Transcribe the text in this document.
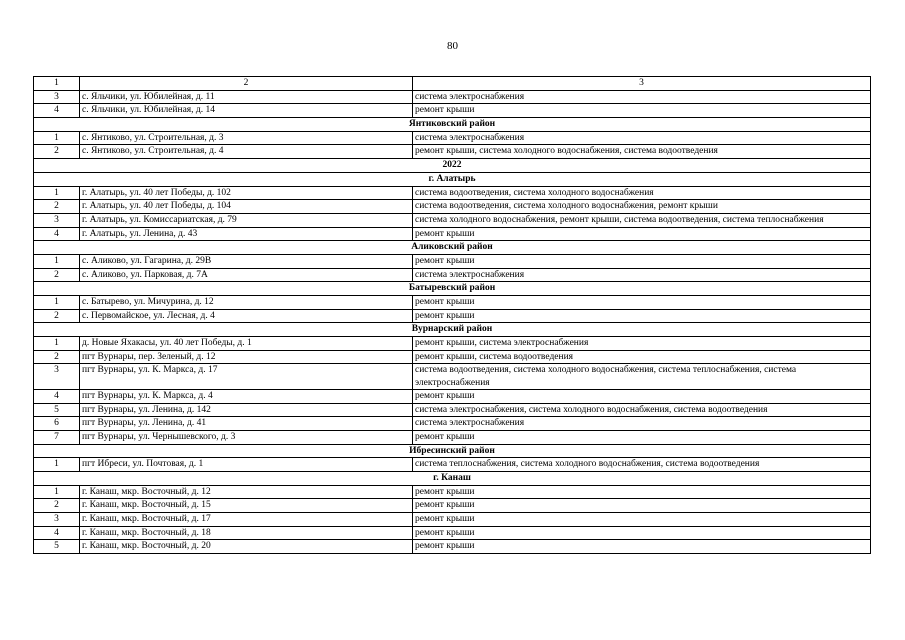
80
1	2	3
3	с. Яльчики, ул. Юбилейная, д. 11	система электроснабжения
4	с. Яльчики, ул. Юбилейная, д. 14	ремонт крыши
Янтиковский район		
1	с. Янтиково, ул. Строительная, д. 3	система электроснабжения
2	с. Янтиково, ул. Строительная, д. 4	ремонт крыши, система холодного водоснабжения, система водоотведения
2022		
г. Алатырь		
1	г. Алатырь, ул. 40 лет Победы, д. 102	система водоотведения, система холодного водоснабжения
2	г. Алатырь, ул. 40 лет Победы, д. 104	система водоотведения, система холодного водоснабжения, ремонт крыши
3	г. Алатырь, ул. Комиссариатская, д. 79	система холодного водоснабжения, ремонт крыши, система водоотведения, система теплоснабжения
4	г. Алатырь, ул. Ленина, д. 43	ремонт крыши
Аликовский район		
1	с. Аликово, ул. Гагарина, д. 29В	ремонт крыши
2	с. Аликово, ул. Парковая, д. 7А	система электроснабжения
Батыревский район		
1	с. Батырево, ул. Мичурина, д. 12	ремонт крыши
2	с. Первомайское, ул. Лесная, д. 4	ремонт крыши
Вурнарский район		
1	д. Новые Яхакасы, ул. 40 лет Победы, д. 1	ремонт крыши, система электроснабжения
2	пгт Вурнары, пер. Зеленый, д. 12	ремонт крыши, система водоотведения
3	пгт Вурнары, ул. К. Маркса, д. 17	система водоотведения, система холодного водоснабжения, система теплоснабжения, система электроснабжения
4	пгт Вурнары, ул. К. Маркса, д. 4	ремонт крыши
5	пгт Вурнары, ул. Ленина, д. 142	система электроснабжения, система холодного водоснабжения, система водоотведения
6	пгт Вурнары, ул. Ленина, д. 41	система электроснабжения
7	пгт Вурнары, ул. Чернышевского, д. 3	ремонт крыши
Ибресинский район		
1	пгт Ибреси, ул. Почтовая, д. 1	система теплоснабжения, система холодного водоснабжения, система водоотведения
г. Канаш		
1	г. Канаш, мкр. Восточный, д. 12	ремонт крыши
2	г. Канаш, мкр. Восточный, д. 15	ремонт крыши
3	г. Канаш, мкр. Восточный, д. 17	ремонт крыши
4	г. Канаш, мкр. Восточный, д. 18	ремонт крыши
5	г. Канаш, мкр. Восточный, д. 20	ремонт крыши
